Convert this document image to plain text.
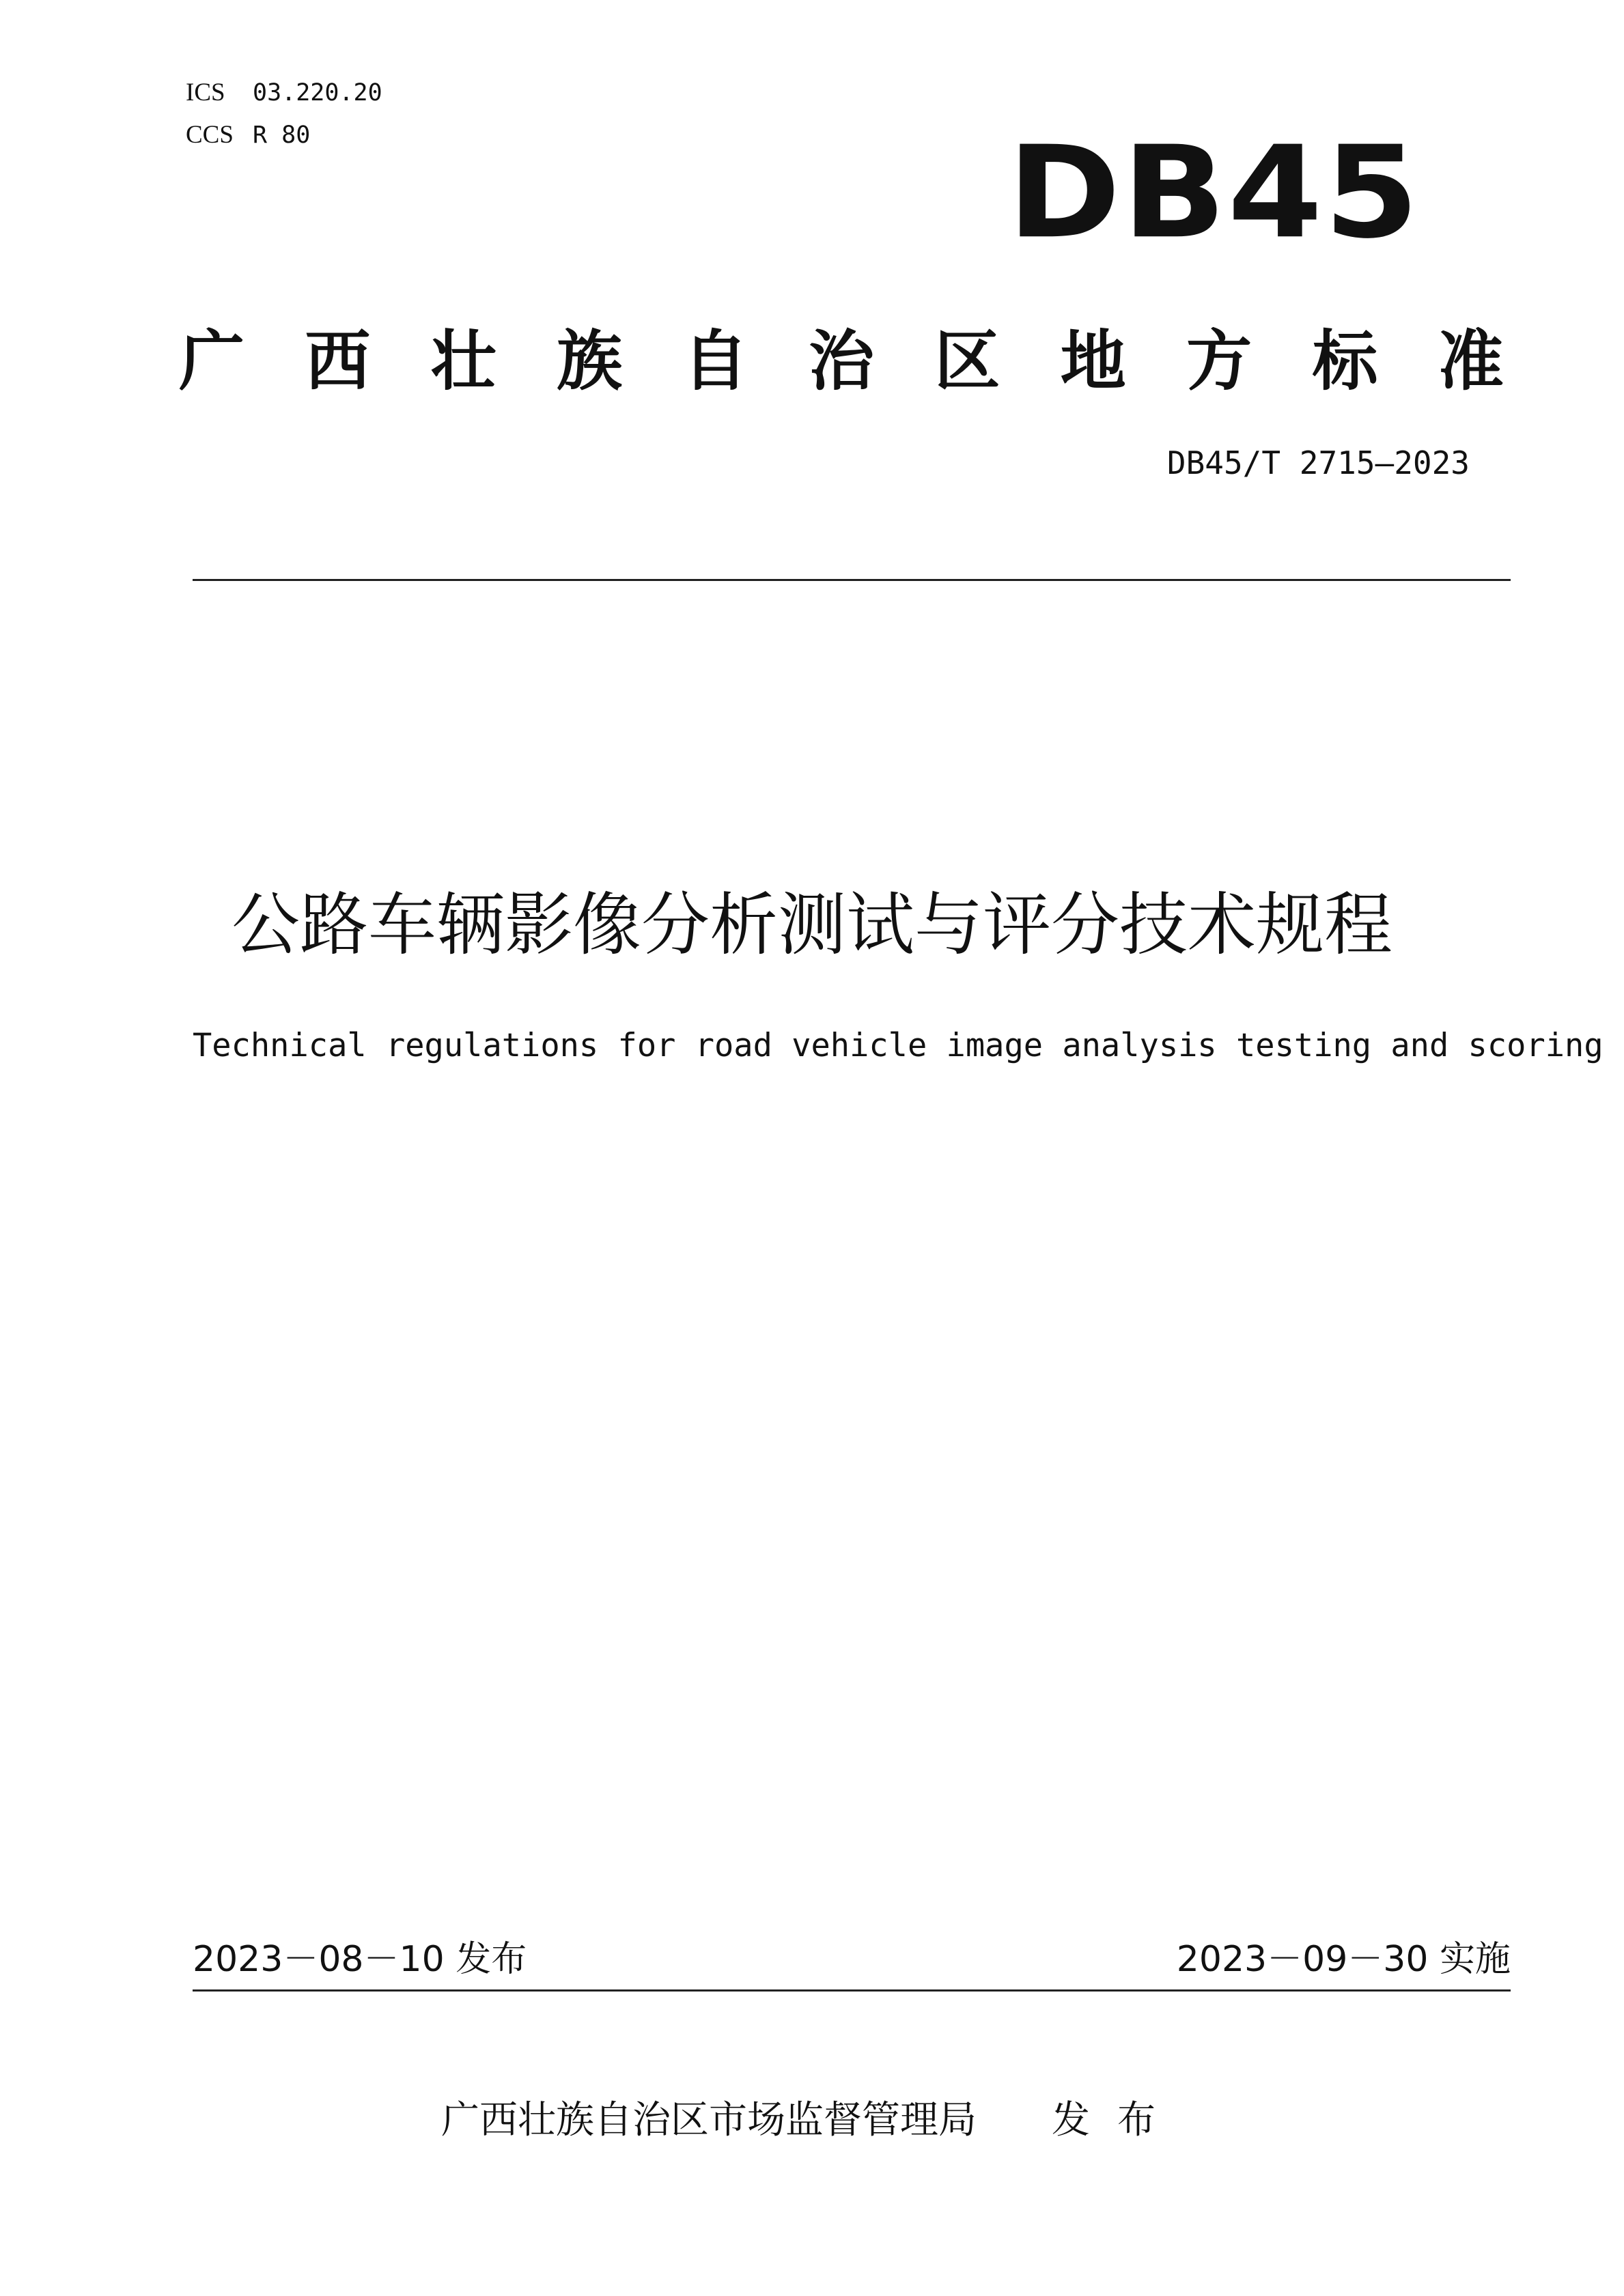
ICS 03.220.20
CCS R 80	DB45
广 西 壮 族 自 治 区 地 方 标 准
DB45/T 2715—2023
公路车辆影像分析测试与评分技术规程
Technical regulations for road vehicle image analysis testing and scoring
2023－08－10 发布	2023－09－30 实施
广西壮族自治区市场监督管理局 发布
